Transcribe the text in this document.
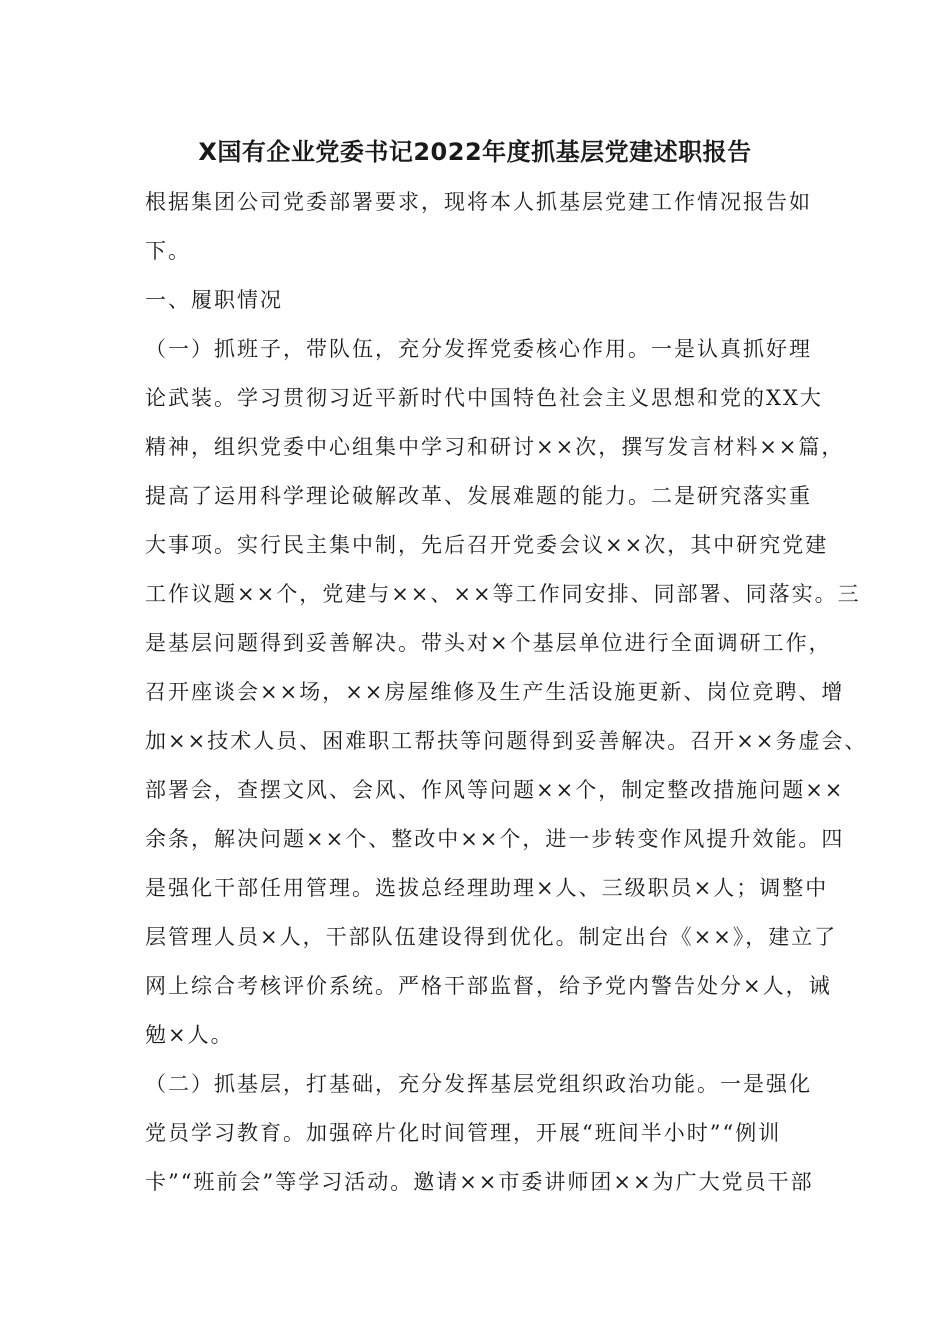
X国有企业党委书记2022年度抓基层党建述职报告
根据集团公司党委部署要求，现将本人抓基层党建工作情况报告如
下。
一、履职情况
（一）抓班子，带队伍，充分发挥党委核心作用。一是认真抓好理
论武装。学习贯彻习近平新时代中国特色社会主义思想和党的XX大
精神，组织党委中心组集中学习和研讨××次，撰写发言材料××篇，
提高了运用科学理论破解改革、发展难题的能力。二是研究落实重
大事项。实行民主集中制，先后召开党委会议××次，其中研究党建
工作议题××个，党建与××、××等工作同安排、同部署、同落实。三
是基层问题得到妥善解决。带头对×个基层单位进行全面调研工作，
召开座谈会××场，××房屋维修及生产生活设施更新、岗位竞聘、增
加××技术人员、困难职工帮扶等问题得到妥善解决。召开××务虚会、
部署会，查摆文风、会风、作风等问题××个，制定整改措施问题××
余条，解决问题××个、整改中××个，进一步转变作风提升效能。四
是强化干部任用管理。选拔总经理助理×人、三级职员×人；调整中
层管理人员×人，干部队伍建设得到优化。制定出台《××》，建立了
网上综合考核评价系统。严格干部监督，给予党内警告处分×人，诫
勉×人。
（二）抓基层，打基础，充分发挥基层党组织政治功能。一是强化
党员学习教育。加强碎片化时间管理，开展“班间半小时”“例训
卡”“班前会”等学习活动。邀请××市委讲师团××为广大党员干部
